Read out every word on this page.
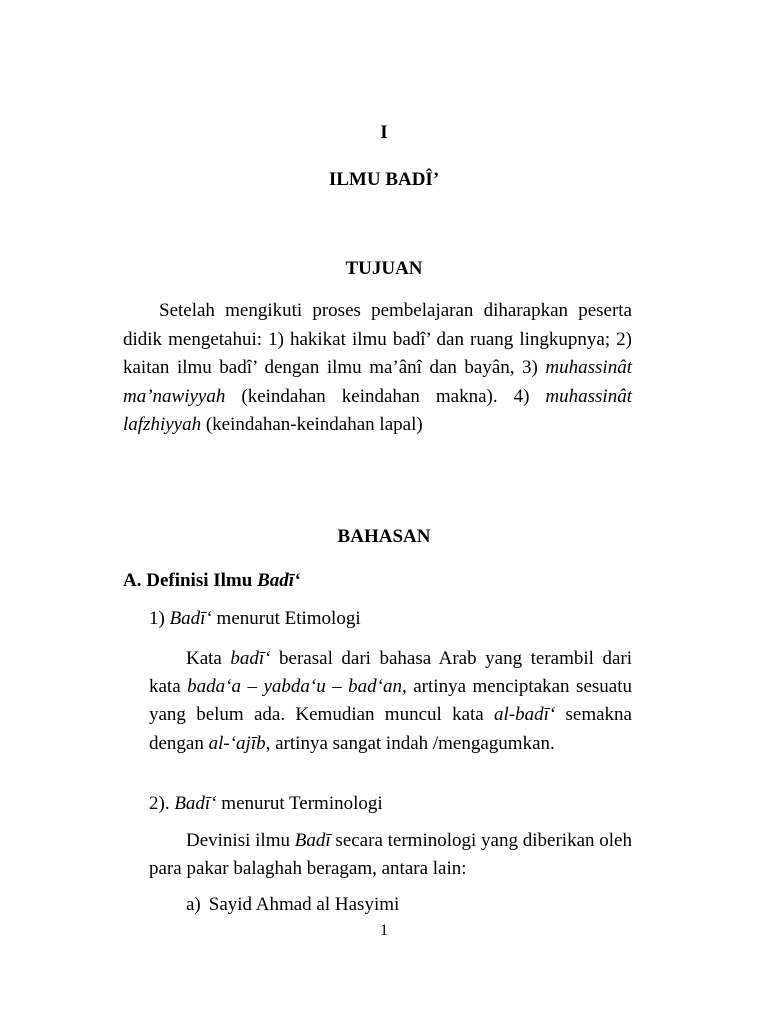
I
ILMU BADÎ’
TUJUAN

Setelah mengikuti proses pembelajaran diharapkan peserta didik mengetahui: 1) hakikat ilmu badî’ dan ruang lingkupnya; 2) kaitan ilmu badî’ dengan ilmu ma’ânî dan bayân, 3) muhassinât ma’nawiyyah (keindahan keindahan makna). 4) muhassinât lafzhiyyah (keindahan-keindahan lapal)

BAHASAN
A. Definisi Ilmu Badī‘
1) Badī‘ menurut Etimologi

Kata badī‘ berasal dari bahasa Arab yang terambil dari kata bada‘a – yabda‘u – bad‘an, artinya menciptakan sesuatu yang belum ada. Kemudian muncul kata al-badī‘ semakna dengan al-‘ajīb, artinya sangat indah /mengagumkan.

2). Badī‘ menurut Terminologi

Devinisi ilmu Badī secara terminologi yang diberikan oleh para pakar balaghah beragam, antara lain:

a) Sayid Ahmad al Hasyimi
1
